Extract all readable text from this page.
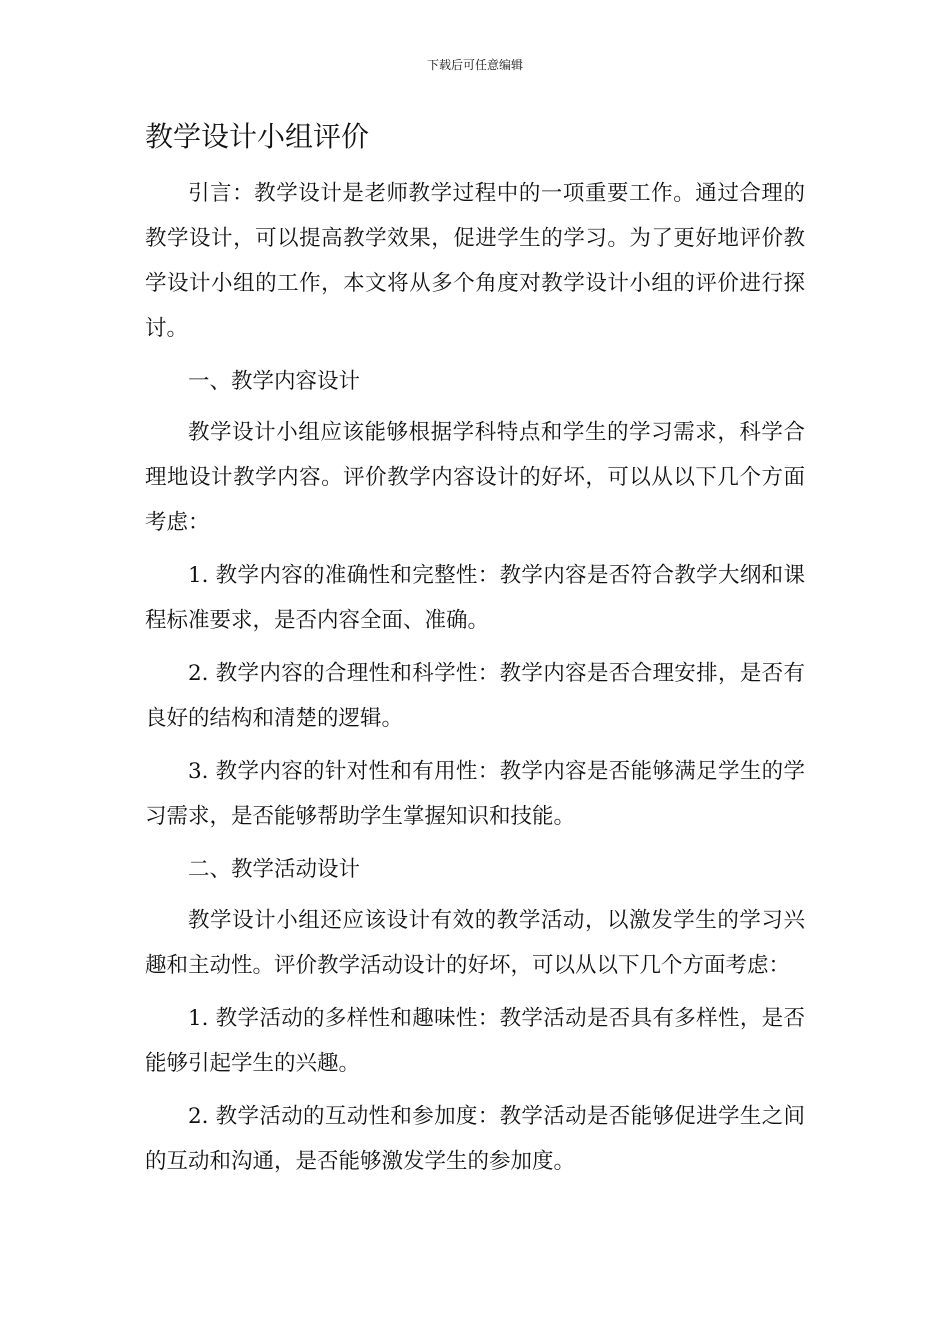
下载后可任意编辑
教学设计小组评价

引言：教学设计是老师教学过程中的一项重要工作。通过合理的教学设计，可以提高教学效果，促进学生的学习。为了更好地评价教学设计小组的工作，本文将从多个角度对教学设计小组的评价进行探讨。

一、教学内容设计

教学设计小组应该能够根据学科特点和学生的学习需求，科学合理地设计教学内容。评价教学内容设计的好坏，可以从以下几个方面考虑：

1. 教学内容的准确性和完整性：教学内容是否符合教学大纲和课程标准要求，是否内容全面、准确。

2. 教学内容的合理性和科学性：教学内容是否合理安排，是否有良好的结构和清楚的逻辑。

3. 教学内容的针对性和有用性：教学内容是否能够满足学生的学习需求，是否能够帮助学生掌握知识和技能。

二、教学活动设计

教学设计小组还应该设计有效的教学活动，以激发学生的学习兴趣和主动性。评价教学活动设计的好坏，可以从以下几个方面考虑：

1. 教学活动的多样性和趣味性：教学活动是否具有多样性，是否能够引起学生的兴趣。

2. 教学活动的互动性和参加度：教学活动是否能够促进学生之间的互动和沟通，是否能够激发学生的参加度。
